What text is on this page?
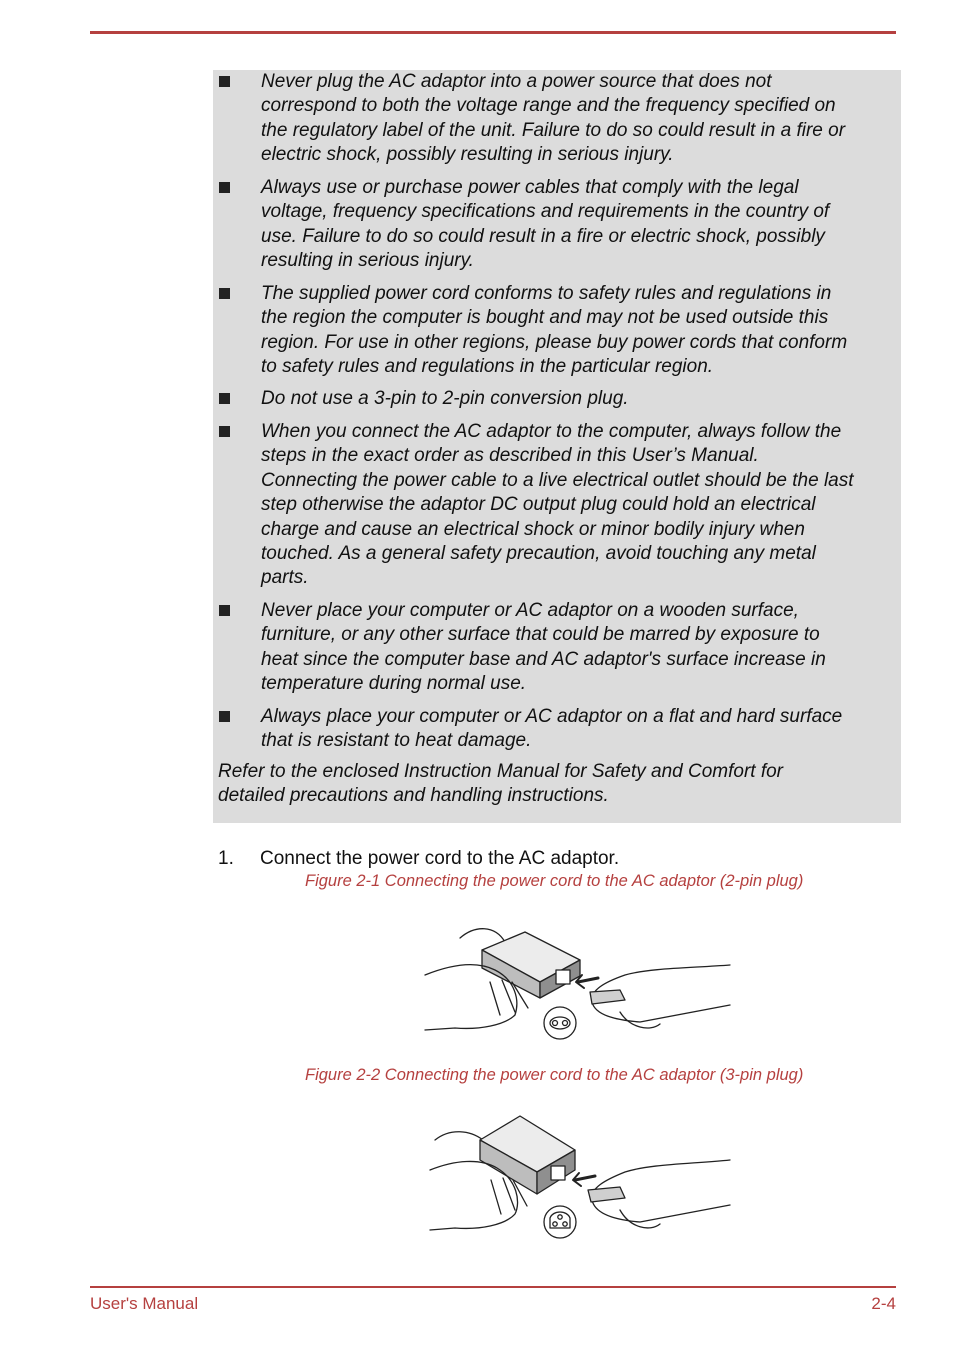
Never plug the AC adaptor into a power source that does not
correspond to both the voltage range and the frequency specified on
the regulatory label of the unit. Failure to do so could result in a fire or
electric shock, possibly resulting in serious injury.
Always use or purchase power cables that comply with the legal
voltage, frequency specifications and requirements in the country of
use. Failure to do so could result in a fire or electric shock, possibly
resulting in serious injury.
The supplied power cord conforms to safety rules and regulations in
the region the computer is bought and may not be used outside this
region. For use in other regions, please buy power cords that conform
to safety rules and regulations in the particular region.
Do not use a 3-pin to 2-pin conversion plug.
When you connect the AC adaptor to the computer, always follow the
steps in the exact order as described in this User’s Manual.
Connecting the power cable to a live electrical outlet should be the last
step otherwise the adaptor DC output plug could hold an electrical
charge and cause an electrical shock or minor bodily injury when
touched. As a general safety precaution, avoid touching any metal
parts.
Never place your computer or AC adaptor on a wooden surface,
furniture, or any other surface that could be marred by exposure to
heat since the computer base and AC adaptor's surface increase in
temperature during normal use.
Always place your computer or AC adaptor on a flat and hard surface
that is resistant to heat damage.
Refer to the enclosed Instruction Manual for Safety and Comfort for
detailed precautions and handling instructions.
1. Connect the power cord to the AC adaptor.
Figure 2-1 Connecting the power cord to the AC adaptor (2-pin plug)
Figure 2-2 Connecting the power cord to the AC adaptor (3-pin plug)
User's Manual	2-4
